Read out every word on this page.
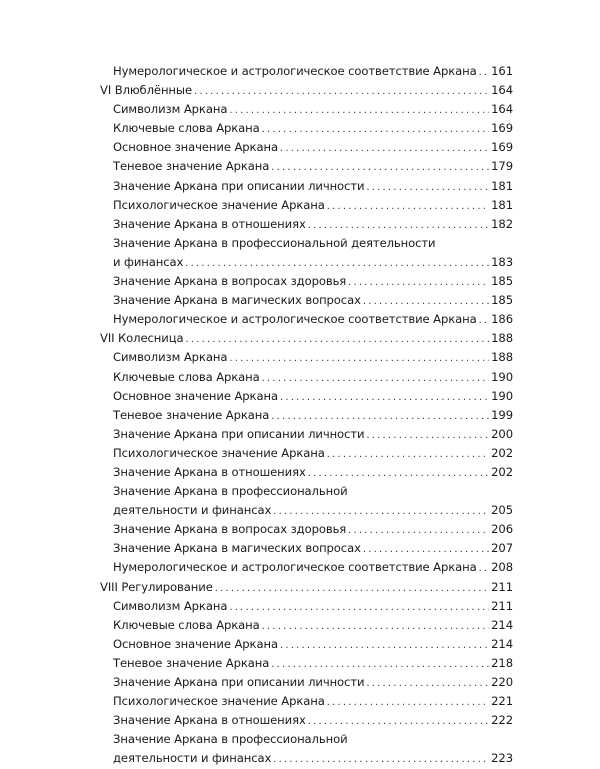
Нумерологическое и астрологическое соответствие Аркана ..... 161
VI Влюблённые .....	164
Символизм Аркана .....	164
Ключевые слова Аркана .....	169
Основное значение Аркана .....	169
Теневое значение Аркана .....	179
Значение Аркана при описании личности .....	181
Психологическое значение Аркана .....	181
Значение Аркана в отношениях .....	182
Значение Аркана в профессиональной деятельности
и финансах .....	183
Значение Аркана в вопросах здоровья .....	185
Значение Аркана в магических вопросах .....	185
Нумерологическое и астрологическое соответствие Аркана ..... 186
VII Колесница .....	188
Символизм Аркана .....	188
Ключевые слова Аркана .....	190
Основное значение Аркана .....	190
Теневое значение Аркана .....	199
Значение Аркана при описании личности .....	200
Психологическое значение Аркана .....	202
Значение Аркана в отношениях .....	202
Значение Аркана в профессиональной
деятельности и финансах .....	205
Значение Аркана в вопросах здоровья .....	206
Значение Аркана в магических вопросах .....	207
Нумерологическое и астрологическое соответствие Аркана ..... 208
VIII Регулирование .....	211
Символизм Аркана .....	211
Ключевые слова Аркана .....	214
Основное значение Аркана .....	214
Теневое значение Аркана .....	218
Значение Аркана при описании личности .....	220
Психологическое значение Аркана .....	221
Значение Аркана в отношениях .....	222
Значение Аркана в профессиональной
деятельности и финансах .....	223
